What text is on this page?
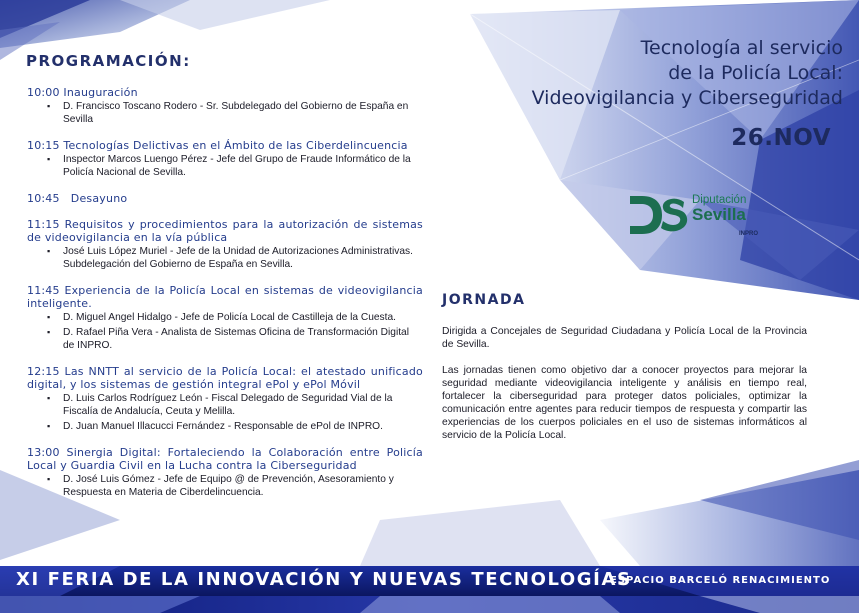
PROGRAMACIÓN:
10:00 Inauguración
▪ D. Francisco Toscano Rodero - Sr. Subdelegado del Gobierno de España en Sevilla
10:15 Tecnologías Delictivas en el Ámbito de las Ciberdelincuencia
▪ Inspector Marcos Luengo Pérez - Jefe del Grupo de Fraude Informático de la Policía Nacional de Sevilla.
10:45 Desayuno
11:15 Requisitos y procedimientos para la autorización de sistemas de videovigilancia en la vía pública
▪ José Luis López Muriel - Jefe de la Unidad de Autorizaciones Administrativas. Subdelegación del Gobierno de España en Sevilla.
11:45 Experiencia de la Policía Local en sistemas de videovigilancia inteligente.
▪ D. Miguel Angel Hidalgo - Jefe de Policía Local de Castilleja de la Cuesta.
▪ D. Rafael Piña Vera - Analista de Sistemas Oficina de Transformación Digital de INPRO.
12:15 Las NNTT al servicio de la Policía Local: el atestado unificado digital, y los sistemas de gestión integral ePol y ePol Móvil
▪ D. Luis Carlos Rodríguez León - Fiscal Delegado de Seguridad Vial de la Fiscalía de Andalucía, Ceuta y Melilla.
▪ D. Juan Manuel Illacucci Fernández - Responsable de ePol de INPRO.
13:00 Sinergia Digital: Fortaleciendo la Colaboración entre Policía Local y Guardia Civil en la Lucha contra la Ciberseguridad
▪ D. José Luis Gómez - Jefe de Equipo @ de Prevención, Asesoramiento y Respuesta en Materia de Ciberdelincuencia.
Tecnología al servicio
de la Policía Local:
Videovigilancia y Ciberseguridad
26.NOV
Diputación
Sevilla
INPRO
JORNADA

Dirigida a Concejales de Seguridad Ciudadana y Policía Local de la Provincia de Sevilla.

Las jornadas tienen como objetivo dar a conocer proyectos para mejorar la seguridad mediante videovigilancia inteligente y análisis en tiempo real, fortalecer la ciberseguridad para proteger datos policiales, optimizar la comunicación entre agentes para reducir tiempos de respuesta y compartir las experiencias de los cuerpos policiales en el uso de sistemas informáticos al servicio de la Policía Local.

XI FERIA DE LA INNOVACIÓN Y NUEVAS TECNOLOGÍAS
ESPACIO BARCELÓ RENACIMIENTO
